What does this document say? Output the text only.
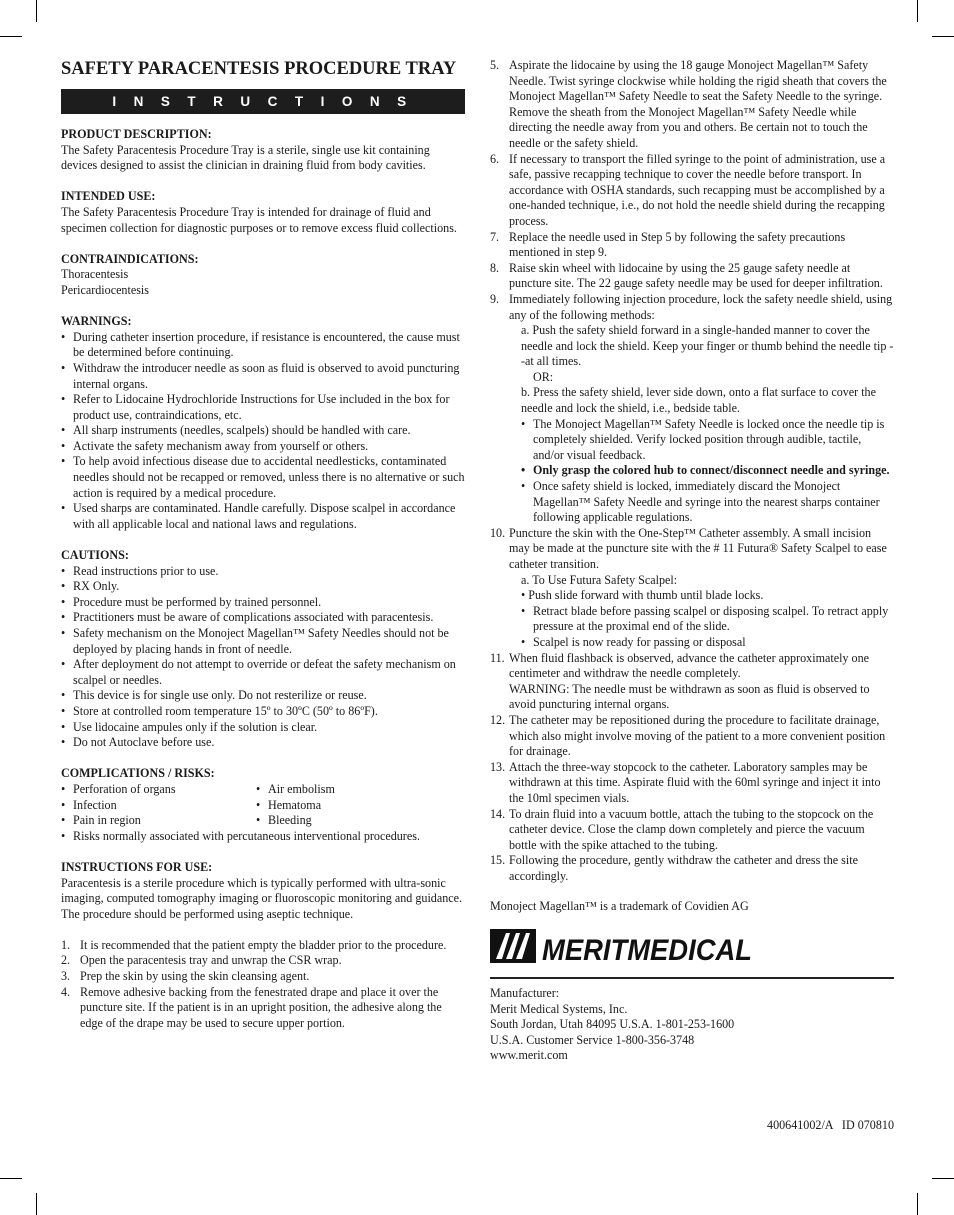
SAFETY PARACENTESIS PROCEDURE TRAY
INSTRUCTIONS FOR USE
PRODUCT DESCRIPTION:

The Safety Paracentesis Procedure Tray is a sterile, single use kit containing devices designed to assist the clinician in draining fluid from body cavities.

INTENDED USE:

The Safety Paracentesis Procedure Tray is intended for drainage of fluid and specimen collection for diagnostic purposes or to remove excess fluid collections.

CONTRAINDICATIONS:
Thoracentesis
Pericardiocentesis
WARNINGS:
• During catheter insertion procedure, if resistance is encountered, the cause must be determined before continuing.
• Withdraw the introducer needle as soon as fluid is observed to avoid puncturing internal organs.
• Refer to Lidocaine Hydrochloride Instructions for Use included in the box for product use, contraindications, etc.
• All sharp instruments (needles, scalpels) should be handled with care.
• Activate the safety mechanism away from yourself or others.
• To help avoid infectious disease due to accidental needlesticks, contaminated needles should not be recapped or removed, unless there is no alternative or such action is required by a medical procedure.
• Used sharps are contaminated. Handle carefully. Dispose scalpel in accordance with all applicable local and national laws and regulations.
CAUTIONS:
• Read instructions prior to use.
• RX Only.
• Procedure must be performed by trained personnel.
• Practitioners must be aware of complications associated with paracentesis.
• Safety mechanism on the Monoject Magellan™ Safety Needles should not be deployed by placing hands in front of needle.
• After deployment do not attempt to override or defeat the safety mechanism on scalpel or needles.
• This device is for single use only. Do not resterilize or reuse.
• Store at controlled room temperature 15º to 30ºC (50º to 86ºF).
• Use lidocaine ampules only if the solution is clear.
• Do not Autoclave before use.
COMPLICATIONS / RISKS:
• Perforation of organs
• Infection
• Pain in region
• Air embolism
• Hematoma
• Bleeding
• Risks normally associated with percutaneous interventional procedures.
INSTRUCTIONS FOR USE:

Paracentesis is a sterile procedure which is typically performed with ultra-sonic imaging, computed tomography imaging or fluoroscopic monitoring and guidance. The procedure should be performed using aseptic technique.

1. It is recommended that the patient empty the bladder prior to the procedure.
2. Open the paracentesis tray and unwrap the CSR wrap.
3. Prep the skin by using the skin cleansing agent.
4. Remove adhesive backing from the fenestrated drape and place it over the puncture site. If the patient is in an upright position, the adhesive along the edge of the drape may be used to secure upper portion.
5. Aspirate the lidocaine by using the 18 gauge Monoject Magellan™ Safety Needle. Twist syringe clockwise while holding the rigid sheath that covers the Monoject Magellan™ Safety Needle to seat the Safety Needle to the syringe. Remove the sheath from the Monoject Magellan™ Safety Needle while directing the needle away from you and others. Be certain not to touch the needle or the safety shield.
6. If necessary to transport the filled syringe to the point of administration, use a safe, passive recapping technique to cover the needle before transport. In accordance with OSHA standards, such recapping must be accomplished by a one-handed technique, i.e., do not hold the needle shield during the recapping process.
7. Replace the needle used in Step 5 by following the safety precautions mentioned in step 9.
8. Raise skin wheel with lidocaine by using the 25 gauge safety needle at puncture site. The 22 gauge safety needle may be used for deeper infiltration.
9. Immediately following injection procedure, lock the safety needle shield, using any of the following methods:
a. Push the safety shield forward in a single-handed manner to cover the needle and lock the shield. Keep your finger or thumb behind the needle tip --at all times.
OR:
b. Press the safety shield, lever side down, onto a flat surface to cover the needle and lock the shield, i.e., bedside table.
• The Monoject Magellan™ Safety Needle is locked once the needle tip is completely shielded. Verify locked position through audible, tactile, and/or visual feedback.
• Only grasp the colored hub to connect/disconnect needle and syringe.
• Once safety shield is locked, immediately discard the Monoject Magellan™ Safety Needle and syringe into the nearest sharps container following applicable regulations.
10. Puncture the skin with the One-Step™ Catheter assembly. A small incision may be made at the puncture site with the # 11 Futura® Safety Scalpel to ease catheter transition.
a. To Use Futura Safety Scalpel:
• Push slide forward with thumb until blade locks.
• Retract blade before passing scalpel or disposing scalpel. To retract apply pressure at the proximal end of the slide.
• Scalpel is now ready for passing or disposal
11. When fluid flashback is observed, advance the catheter approximately one centimeter and withdraw the needle completely.
WARNING: The needle must be withdrawn as soon as fluid is observed to avoid puncturing internal organs.
12. The catheter may be repositioned during the procedure to facilitate drainage, which also might involve moving of the patient to a more convenient position for drainage.
13. Attach the three-way stopcock to the catheter. Laboratory samples may be withdrawn at this time. Aspirate fluid with the 60ml syringe and inject it into the 10ml specimen vials.
14. To drain fluid into a vacuum bottle, attach the tubing to the stopcock on the catheter device. Close the clamp down completely and pierce the vacuum bottle with the spike attached to the tubing.
15. Following the procedure, gently withdraw the catheter and dress the site accordingly.
Monoject Magellan™ is a trademark of Covidien AG
MERITMEDICAL
Manufacturer:
Merit Medical Systems, Inc.
South Jordan, Utah 84095 U.S.A. 1-801-253-1600
U.S.A. Customer Service 1-800-356-3748
www.merit.com
400641002/A   ID 070810
